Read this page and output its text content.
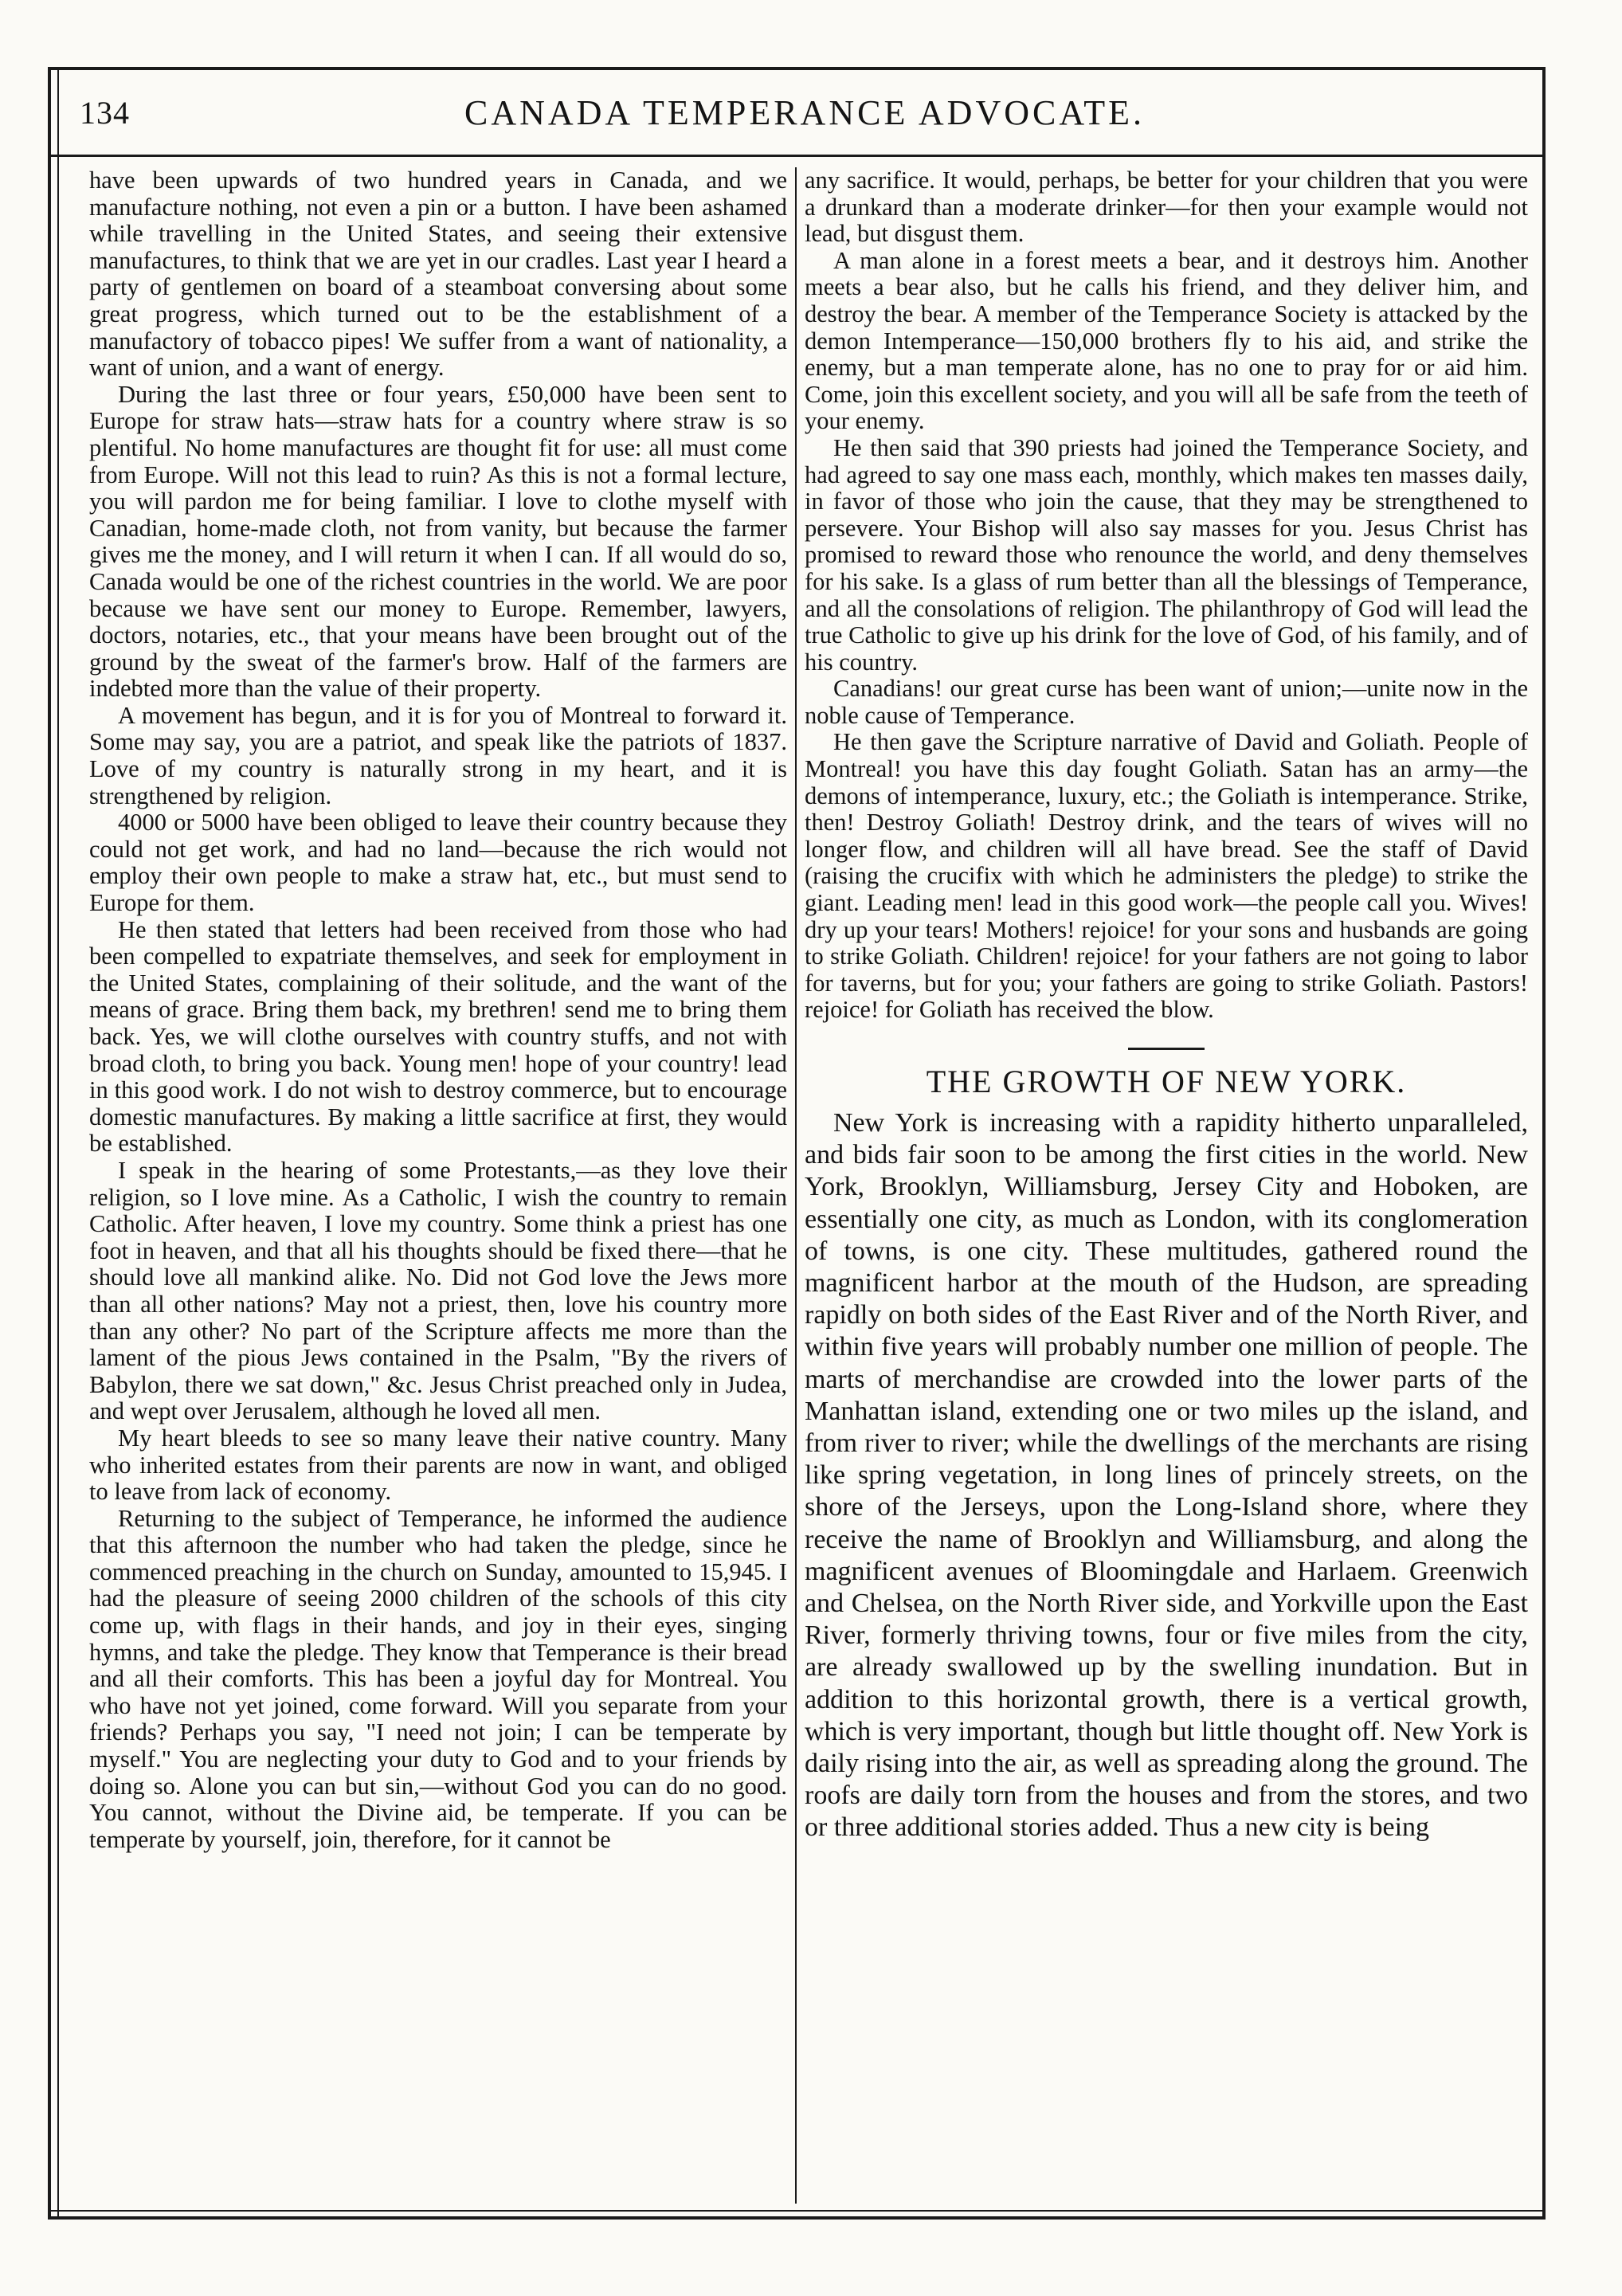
134	CANADA TEMPERANCE ADVOCATE.

have been upwards of two hundred years in Canada, and we manufacture nothing, not even a pin or a button. I have been ashamed while travelling in the United States, and seeing their extensive manufactures, to think that we are yet in our cradles. Last year I heard a party of gentlemen on board of a steamboat conversing about some great progress, which turned out to be the establishment of a manufactory of tobacco pipes! We suffer from a want of nationality, a want of union, and a want of energy.

During the last three or four years, £50,000 have been sent to Europe for straw hats—straw hats for a country where straw is so plentiful. No home manufactures are thought fit for use: all must come from Europe. Will not this lead to ruin? As this is not a formal lecture, you will pardon me for being familiar. I love to clothe myself with Canadian, home-made cloth, not from vanity, but because the farmer gives me the money, and I will return it when I can. If all would do so, Canada would be one of the richest countries in the world. We are poor because we have sent our money to Europe. Remember, lawyers, doctors, notaries, etc., that your means have been brought out of the ground by the sweat of the farmer's brow. Half of the farmers are indebted more than the value of their property.

A movement has begun, and it is for you of Montreal to forward it. Some may say, you are a patriot, and speak like the patriots of 1837. Love of my country is naturally strong in my heart, and it is strengthened by religion.

4000 or 5000 have been obliged to leave their country because they could not get work, and had no land—because the rich would not employ their own people to make a straw hat, etc., but must send to Europe for them.

He then stated that letters had been received from those who had been compelled to expatriate themselves, and seek for employment in the United States, complaining of their solitude, and the want of the means of grace. Bring them back, my brethren! send me to bring them back. Yes, we will clothe ourselves with country stuffs, and not with broad cloth, to bring you back. Young men! hope of your country! lead in this good work. I do not wish to destroy commerce, but to encourage domestic manufactures. By making a little sacrifice at first, they would be established.

I speak in the hearing of some Protestants,—as they love their religion, so I love mine. As a Catholic, I wish the country to remain Catholic. After heaven, I love my country. Some think a priest has one foot in heaven, and that all his thoughts should be fixed there—that he should love all mankind alike. No. Did not God love the Jews more than all other nations? May not a priest, then, love his country more than any other? No part of the Scripture affects me more than the lament of the pious Jews contained in the Psalm, "By the rivers of Babylon, there we sat down," &c. Jesus Christ preached only in Judea, and wept over Jerusalem, although he loved all men.

My heart bleeds to see so many leave their native country. Many who inherited estates from their parents are now in want, and obliged to leave from lack of economy.

Returning to the subject of Temperance, he informed the audience that this afternoon the number who had taken the pledge, since he commenced preaching in the church on Sunday, amounted to 15,945. I had the pleasure of seeing 2000 children of the schools of this city come up, with flags in their hands, and joy in their eyes, singing hymns, and take the pledge. They know that Temperance is their bread and all their comforts. This has been a joyful day for Montreal. You who have not yet joined, come forward. Will you separate from your friends? Perhaps you say, "I need not join; I can be temperate by myself." You are neglecting your duty to God and to your friends by doing so. Alone you can but sin,—without God you can do no good. You cannot, without the Divine aid, be temperate. If you can be temperate by yourself, join, therefore, for it cannot be

any sacrifice. It would, perhaps, be better for your children that you were a drunkard than a moderate drinker—for then your example would not lead, but disgust them.

A man alone in a forest meets a bear, and it destroys him. Another meets a bear also, but he calls his friend, and they deliver him, and destroy the bear. A member of the Temperance Society is attacked by the demon Intemperance—150,000 brothers fly to his aid, and strike the enemy, but a man temperate alone, has no one to pray for or aid him. Come, join this excellent society, and you will all be safe from the teeth of your enemy.

He then said that 390 priests had joined the Temperance Society, and had agreed to say one mass each, monthly, which makes ten masses daily, in favor of those who join the cause, that they may be strengthened to persevere. Your Bishop will also say masses for you. Jesus Christ has promised to reward those who renounce the world, and deny themselves for his sake. Is a glass of rum better than all the blessings of Temperance, and all the consolations of religion. The philanthropy of God will lead the true Catholic to give up his drink for the love of God, of his family, and of his country.

Canadians! our great curse has been want of union;—unite now in the noble cause of Temperance.

He then gave the Scripture narrative of David and Goliath. People of Montreal! you have this day fought Goliath. Satan has an army—the demons of intemperance, luxury, etc.; the Goliath is intemperance. Strike, then! Destroy Goliath! Destroy drink, and the tears of wives will no longer flow, and children will all have bread. See the staff of David (raising the crucifix with which he administers the pledge) to strike the giant. Leading men! lead in this good work—the people call you. Wives! dry up your tears! Mothers! rejoice! for your sons and husbands are going to strike Goliath. Children! rejoice! for your fathers are not going to labor for taverns, but for you; your fathers are going to strike Goliath. Pastors! rejoice! for Goliath has received the blow.

THE GROWTH OF NEW YORK.

New York is increasing with a rapidity hitherto unparalleled, and bids fair soon to be among the first cities in the world. New York, Brooklyn, Williamsburg, Jersey City and Hoboken, are essentially one city, as much as London, with its conglomeration of towns, is one city. These multitudes, gathered round the magnificent harbor at the mouth of the Hudson, are spreading rapidly on both sides of the East River and of the North River, and within five years will probably number one million of people. The marts of merchandise are crowded into the lower parts of the Manhattan island, extending one or two miles up the island, and from river to river; while the dwellings of the merchants are rising like spring vegetation, in long lines of princely streets, on the shore of the Jerseys, upon the Long-Island shore, where they receive the name of Brooklyn and Williamsburg, and along the magnificent avenues of Bloomingdale and Harlaem. Greenwich and Chelsea, on the North River side, and Yorkville upon the East River, formerly thriving towns, four or five miles from the city, are already swallowed up by the swelling inundation. But in addition to this horizontal growth, there is a vertical growth, which is very important, though but little thought off. New York is daily rising into the air, as well as spreading along the ground. The roofs are daily torn from the houses and from the stores, and two or three additional stories added. Thus a new city is being
